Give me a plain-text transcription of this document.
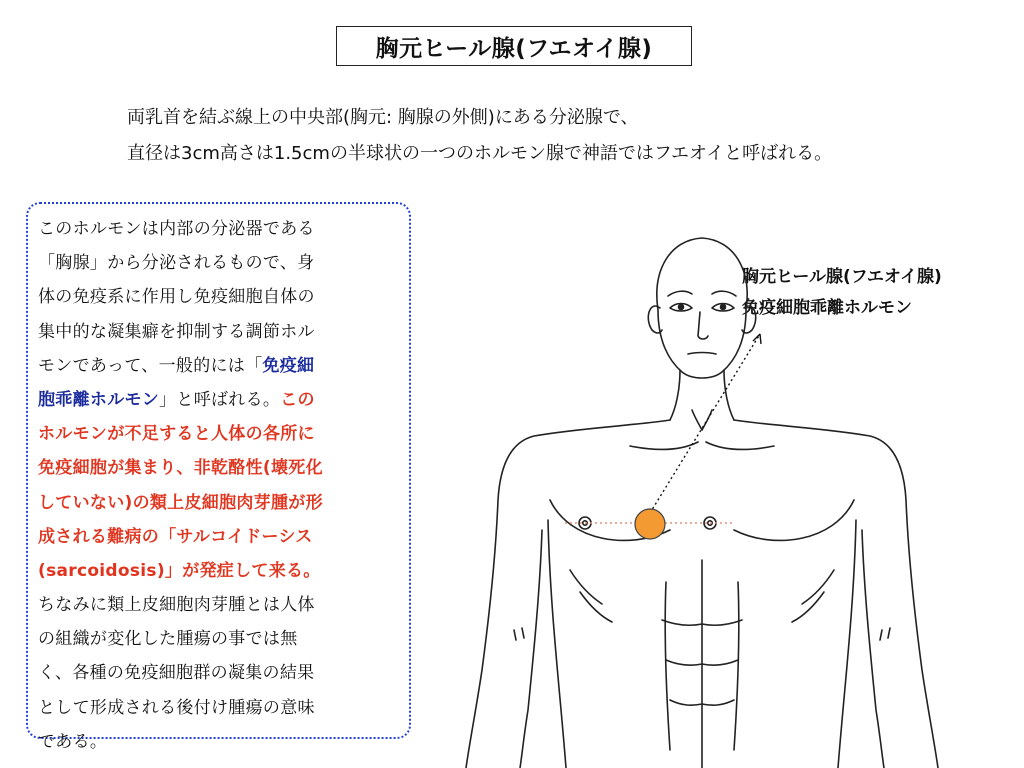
胸元ヒール腺(フエオイ腺)
両乳首を結ぶ線上の中央部(胸元: 胸腺の外側)にある分泌腺で、
直径は3cm高さは1.5cmの半球状の一つのホルモン腺で神語ではフエオイと呼ばれる。
このホルモンは内部の分泌器である
「胸腺」から分泌されるもので、身
体の免疫系に作用し免疫細胞自体の
集中的な凝集癖を抑制する調節ホル
モンであって、一般的には「免疫細
胞乖離ホルモン」と呼ばれる。この
ホルモンが不足すると人体の各所に
免疫細胞が集まり、非乾酪性(壊死化
していない)の類上皮細胞肉芽腫が形
成される難病の「サルコイドーシス
(sarcoidosis)」が発症して来る。
ちなみに類上皮細胞肉芽腫とは人体
の組織が変化した腫瘍の事では無
く、各種の免疫細胞群の凝集の結果
として形成される後付け腫瘍の意味
である。
胸元ヒール腺(フエオイ腺)
免疫細胞乖離ホルモン
